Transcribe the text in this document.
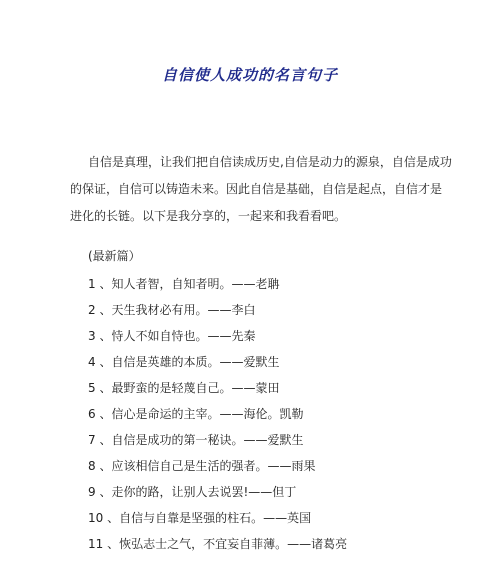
自信使人成功的名言句子
自信是真理，让我们把自信读成历史,自信是动力的源泉，自信是成功
的保证，自信可以铸造未来。因此自信是基础，自信是起点，自信才是
进化的长链。以下是我分享的，一起来和我看看吧。
(最新篇）
1 、知人者智，自知者明。——老聃
2 、天生我材必有用。——李白
3 、恃人不如自恃也。——先秦
4 、自信是英雄的本质。——爱默生
5 、最野蛮的是轻蔑自己。——蒙田
6 、信心是命运的主宰。——海伦。凯勒
7 、自信是成功的第一秘诀。——爱默生
8 、应该相信自己是生活的强者。——雨果
9 、走你的路，让别人去说罢!——但丁
10 、自信与自靠是坚强的柱石。——英国
11 、恢弘志士之气，不宜妄自菲薄。——诸葛亮
